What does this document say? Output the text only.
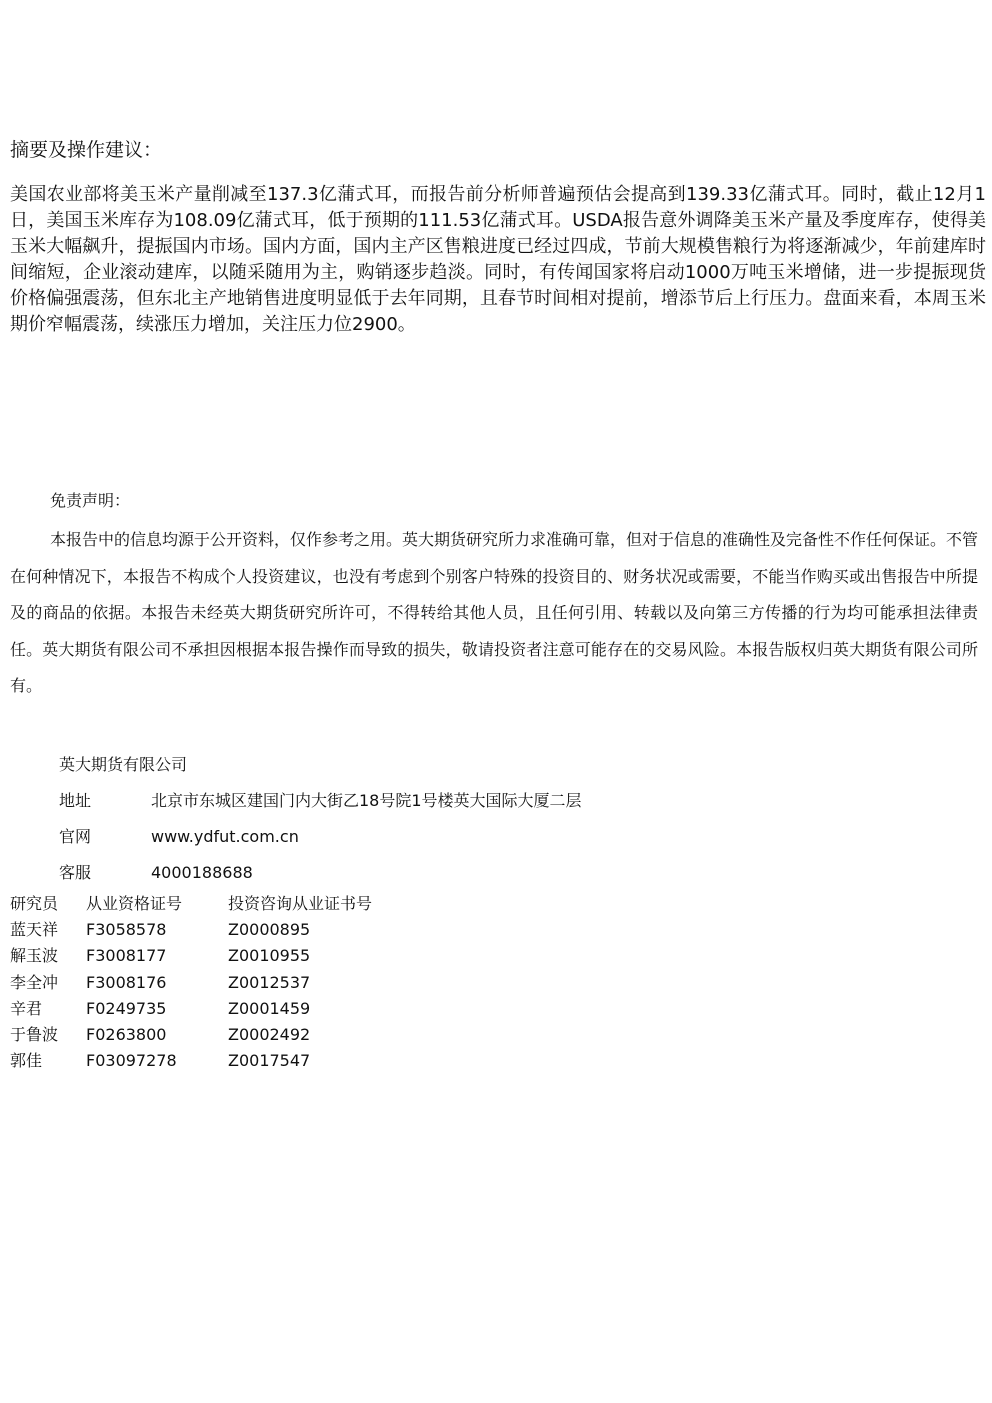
摘要及操作建议：

美国农业部将美玉米产量削减至137.3亿蒲式耳，而报告前分析师普遍预估会提高到139.33亿蒲式耳。同时，截止12月1日，美国玉米库存为108.09亿蒲式耳，低于预期的111.53亿蒲式耳。USDA报告意外调降美玉米产量及季度库存，使得美玉米大幅飙升，提振国内市场。国内方面，国内主产区售粮进度已经过四成，节前大规模售粮行为将逐渐减少，年前建库时间缩短，企业滚动建库，以随采随用为主，购销逐步趋淡。同时，有传闻国家将启动1000万吨玉米增储，进一步提振现货价格偏强震荡，但东北主产地销售进度明显低于去年同期，且春节时间相对提前，增添节后上行压力。盘面来看，本周玉米期价窄幅震荡，续涨压力增加，关注压力位2900。

免责声明：

本报告中的信息均源于公开资料，仅作参考之用。英大期货研究所力求准确可靠，但对于信息的准确性及完备性不作任何保证。不管在何种情况下，本报告不构成个人投资建议，也没有考虑到个别客户特殊的投资目的、财务状况或需要，不能当作购买或出售报告中所提及的商品的依据。本报告未经英大期货研究所许可，不得转给其他人员，且任何引用、转载以及向第三方传播的行为均可能承担法律责任。英大期货有限公司不承担因根据本报告操作而导致的损失，敬请投资者注意可能存在的交易风险。本报告版权归英大期货有限公司所有。

英大期货有限公司
地址	北京市东城区建国门内大街乙18号院1号楼英大国际大厦二层
官网	www.ydfut.com.cn
客服	4000188688
研究员	从业资格证号	投资咨询从业证书号
蓝天祥	F3058578	Z0000895
解玉波	F3008177	Z0010955
李全冲	F3008176	Z0012537
辛君	F0249735	Z0001459
于鲁波	F0263800	Z0002492
郭佳	F03097278	Z0017547
